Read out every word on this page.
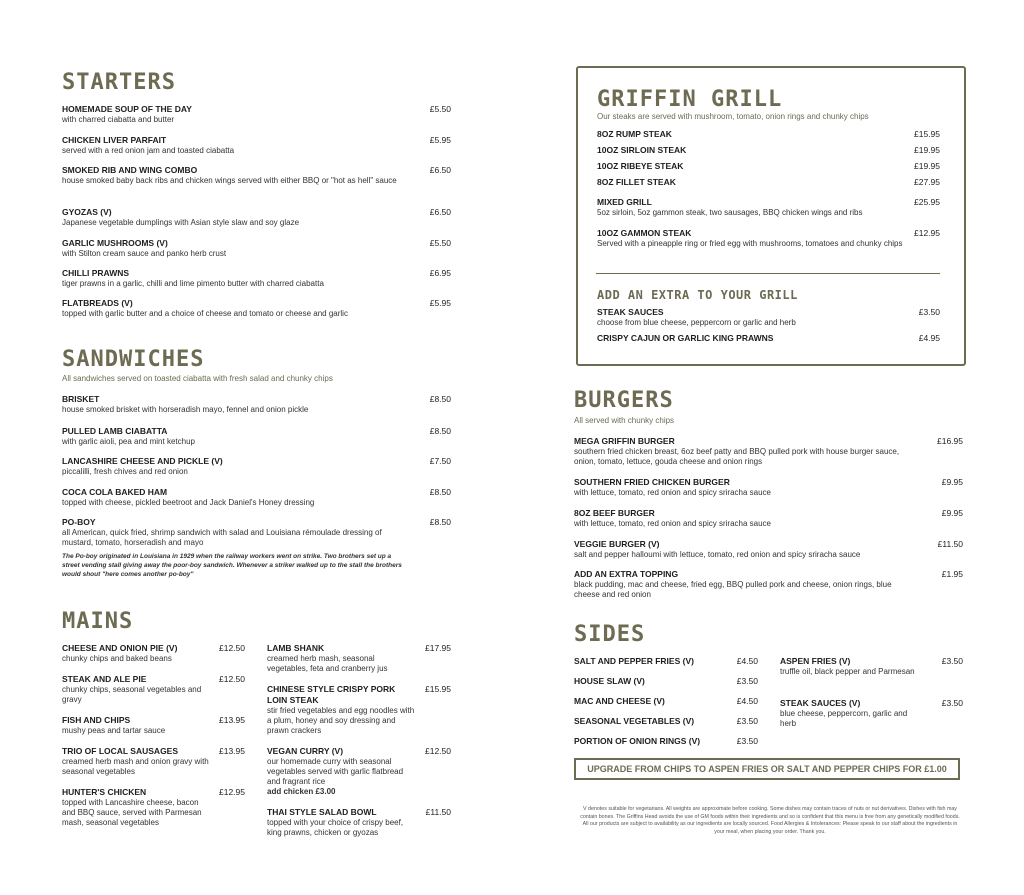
STARTERS
HOMEMADE SOUP OF THE DAY
with charred ciabatta and butter
£5.50
CHICKEN LIVER PARFAIT
served with a red onion jam and toasted ciabatta
£5.95
SMOKED RIB AND WING COMBO
house smoked baby back ribs and chicken wings served with either BBQ or "hot as hell" sauce
£6.50
GYOZAS (V)
Japanese vegetable dumplings with Asian style slaw and soy glaze
£6.50
GARLIC MUSHROOMS (V)
with Stilton cream sauce and panko herb crust
£5.50
CHILLI PRAWNS
tiger prawns in a garlic, chilli and lime pimento butter with charred ciabatta
£6.95
FLATBREADS (V)
topped with garlic butter and a choice of cheese and tomato or cheese and garlic
£5.95
SANDWICHES
All sandwiches served on toasted ciabatta with fresh salad and chunky chips
BRISKET
house smoked brisket with horseradish mayo, fennel and onion pickle
£8.50
PULLED LAMB CIABATTA
with garlic aioli, pea and mint ketchup
£8.50
LANCASHIRE CHEESE AND PICKLE (V)
piccalilli, fresh chives and red onion
£7.50
COCA COLA BAKED HAM
topped with cheese, pickled beetroot and Jack Daniel's Honey dressing
£8.50
PO-BOY
all American, quick fried, shrimp sandwich with salad and Louisiana rémoulade dressing of mustard, tomato, horseradish and mayo
£8.50
The Po-boy originated in Louisiana in 1929 when the railway workers went on strike. Two brothers set up a street vending stall giving away the poor-boy sandwich. Whenever a striker walked up to the stall the brothers would shout "here comes another po-boy"
MAINS
CHEESE AND ONION PIE (V)
chunky chips and baked beans
£12.50
STEAK AND ALE PIE
chunky chips, seasonal vegetables and gravy
£12.50
FISH AND CHIPS
mushy peas and tartar sauce
£13.95
TRIO OF LOCAL SAUSAGES
creamed herb mash and onion gravy with seasonal vegetables
£13.95
HUNTER'S CHICKEN
topped with Lancashire cheese, bacon and BBQ sauce, served with Parmesan mash, seasonal vegetables
£12.95
LAMB SHANK
creamed herb mash, seasonal vegetables, feta and cranberry jus
£17.95
CHINESE STYLE CRISPY PORK LOIN STEAK
stir fried vegetables and egg noodles with a plum, honey and soy dressing and prawn crackers
£15.95
VEGAN CURRY (V)
our homemade curry with seasonal vegetables served with garlic flatbread and fragrant rice
add chicken £3.00
£12.50
THAI STYLE SALAD BOWL
topped with your choice of crispy beef, king prawns, chicken or gyozas
£11.50
GRIFFIN GRILL
Our steaks are served with mushroom, tomato, onion rings and chunky chips
8OZ RUMP STEAK	£15.95
10OZ SIRLOIN STEAK	£19.95
10OZ RIBEYE STEAK	£19.95
8OZ FILLET STEAK	£27.95
MIXED GRILL
5oz sirloin, 5oz gammon steak, two sausages, BBQ chicken wings and ribs
£25.95
10OZ GAMMON STEAK
Served with a pineapple ring or fried egg with mushrooms, tomatoes and chunky chips
£12.95
ADD AN EXTRA TO YOUR GRILL
STEAK SAUCES
choose from blue cheese, peppercorn or garlic and herb
£3.50
CRISPY CAJUN OR GARLIC KING PRAWNS	£4.95
BURGERS
All served with chunky chips
MEGA GRIFFIN BURGER
southern fried chicken breast, 6oz beef patty and BBQ pulled pork with house burger sauce, onion, tomato, lettuce, gouda cheese and onion rings
£16.95
SOUTHERN FRIED CHICKEN BURGER
with lettuce, tomato, red onion and spicy sriracha sauce
£9.95
8OZ BEEF BURGER
with lettuce, tomato, red onion and spicy sriracha sauce
£9.95
VEGGIE BURGER (V)
salt and pepper halloumi with lettuce, tomato, red onion and spicy sriracha sauce
£11.50
ADD AN EXTRA TOPPING
black pudding, mac and cheese, fried egg, BBQ pulled pork and cheese, onion rings, blue cheese and red onion
£1.95
SIDES
SALT AND PEPPER FRIES (V)	£4.50
HOUSE SLAW (V)	£3.50
MAC AND CHEESE (V)	£4.50
SEASONAL VEGETABLES (V)	£3.50
PORTION OF ONION RINGS (V)	£3.50
ASPEN FRIES (V)
truffle oil, black pepper and Parmesan
£3.50
STEAK SAUCES (V)
blue cheese, peppercorn, garlic and herb
£3.50
UPGRADE FROM CHIPS TO ASPEN FRIES OR SALT AND PEPPER CHIPS FOR £1.00
V denotes suitable for vegetarians. All weights are approximate before cooking. Some dishes may contain traces of nuts or nut derivatives. Dishes with fish may contain bones. The Griffins Head avoids the use of GM foods within their ingredients and so is confident that this menu is free from any genetically modified foods. All our products are subject to availability as our ingredients are locally sourced. Food Allergies & Intolerances: Please speak to our staff about the ingredients in your meal, when placing your order. Thank you.
